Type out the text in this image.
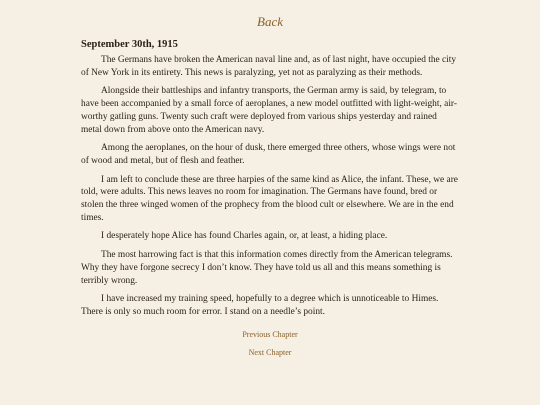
Back
September 30th, 1915

The Germans have broken the American naval line and, as of last night, have occupied the city of New York in its entirety. This news is paralyzing, yet not as paralyzing as their methods.

Alongside their battleships and infantry transports, the German army is said, by telegram, to have been accompanied by a small force of aeroplanes, a new model outfitted with light-weight, air-worthy gatling guns. Twenty such craft were deployed from various ships yesterday and rained metal down from above onto the American navy.

Among the aeroplanes, on the hour of dusk, there emerged three others, whose wings were not of wood and metal, but of flesh and feather.

I am left to conclude these are three harpies of the same kind as Alice, the infant. These, we are told, were adults. This news leaves no room for imagination. The Germans have found, bred or stolen the three winged women of the prophecy from the blood cult or elsewhere. We are in the end times.

I desperately hope Alice has found Charles again, or, at least, a hiding place.

The most harrowing fact is that this information comes directly from the American telegrams. Why they have forgone secrecy I don’t know. They have told us all and this means something is terribly wrong.

I have increased my training speed, hopefully to a degree which is unnoticeable to Himes. There is only so much room for error. I stand on a needle’s point.

Previous Chapter
Next Chapter
